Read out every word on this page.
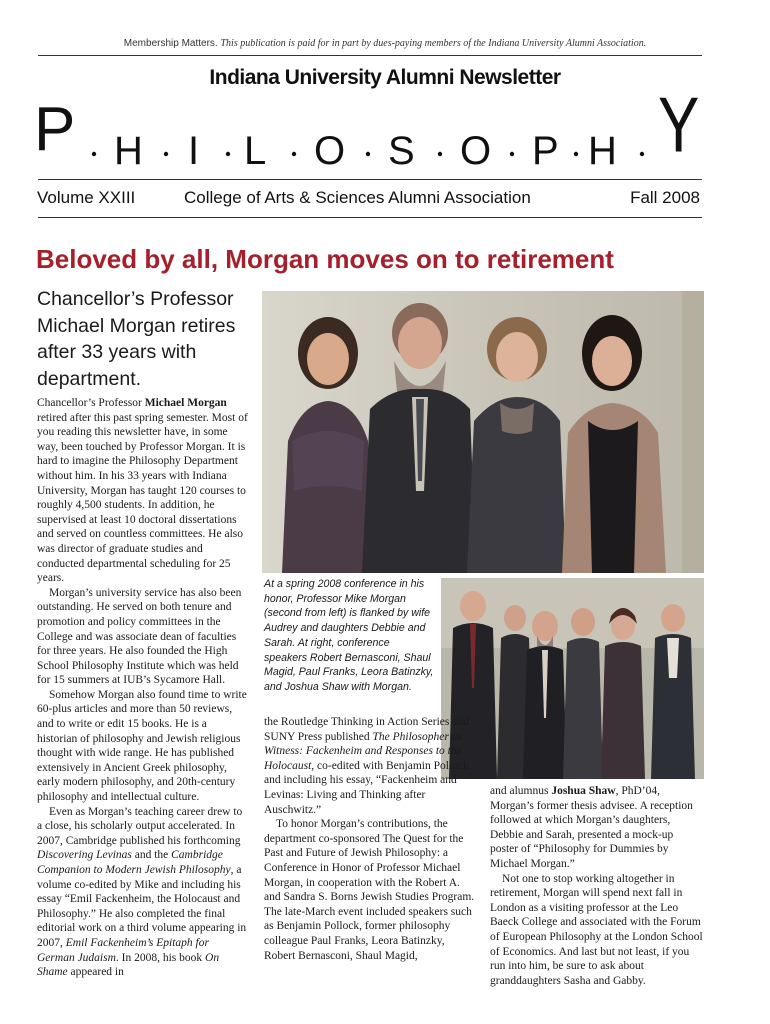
Membership Matters. This publication is paid for in part by dues-paying members of the Indiana University Alumni Association.
Indiana University Alumni Newsletter
P H I L O S O P H Y
Volume XXIII	College of Arts & Sciences Alumni Association	Fall 2008
Beloved by all, Morgan moves on to retirement
Chancellor’s Professor Michael Morgan retires after 33 years with department.

Chancellor’s Professor Michael Morgan retired after this past spring semester. Most of you reading this newsletter have, in some way, been touched by Professor Morgan. It is hard to imagine the Philosophy Department without him. In his 33 years with Indiana University, Morgan has taught 120 courses to roughly 4,500 students. In addition, he supervised at least 10 doctoral dissertations and served on countless committees. He also was director of graduate studies and conducted departmental scheduling for 25 years.

Morgan’s university service has also been outstanding. He served on both tenure and promotion and policy committees in the College and was associate dean of faculties for three years. He also founded the High School Philosophy Institute which was held for 15 summers at IUB’s Sycamore Hall.

Somehow Morgan also found time to write 60-plus articles and more than 50 reviews, and to write or edit 15 books. He is a historian of philosophy and Jewish religious thought with wide range. He has published extensively in Ancient Greek philosophy, early modern philosophy, and 20th-century philosophy and intellectual culture.

Even as Morgan’s teaching career drew to a close, his scholarly output accelerated. In 2007, Cambridge published his forthcoming Discovering Levinas and the Cambridge Companion to Modern Jewish Philosophy, a volume co-edited by Mike and including his essay “Emil Fackenheim, the Holocaust and Philosophy.” He also completed the final editorial work on a third volume appearing in 2007, Emil Fackenheim’s Epitaph for German Judaism. In 2008, his book On Shame appeared in

At a spring 2008 conference in his honor, Professor Mike Morgan (second from left) is flanked by wife Audrey and daughters Debbie and Sarah. At right, conference speakers Robert Bernasconi, Shaul Magid, Paul Franks, Leora Batinzky, and Joshua Shaw with Morgan.

the Routledge Thinking in Action Series and SUNY Press published The Philosopher as Witness: Fackenheim and Responses to the Holocaust, co-edited with Benjamin Pollock and including his essay, “Fackenheim and Levinas: Living and Thinking after Auschwitz.”

To honor Morgan’s contributions, the department co-sponsored The Quest for the Past and Future of Jewish Philosophy: a Conference in Honor of Professor Michael Morgan, in cooperation with the Robert A. and Sandra S. Borns Jewish Studies Program. The late-March event included speakers such as Benjamin Pollock, former philosophy colleague Paul Franks, Leora Batinzky, Robert Bernasconi, Shaul Magid,

and alumnus Joshua Shaw, PhD’04, Morgan’s former thesis advisee. A reception followed at which Morgan’s daughters, Debbie and Sarah, presented a mock-up poster of “Philosophy for Dummies by Michael Morgan.”

Not one to stop working altogether in retirement, Morgan will spend next fall in London as a visiting professor at the Leo Baeck College and associated with the Forum of European Philosophy at the London School of Economics. And last but not least, if you run into him, be sure to ask about granddaughters Sasha and Gabby.
